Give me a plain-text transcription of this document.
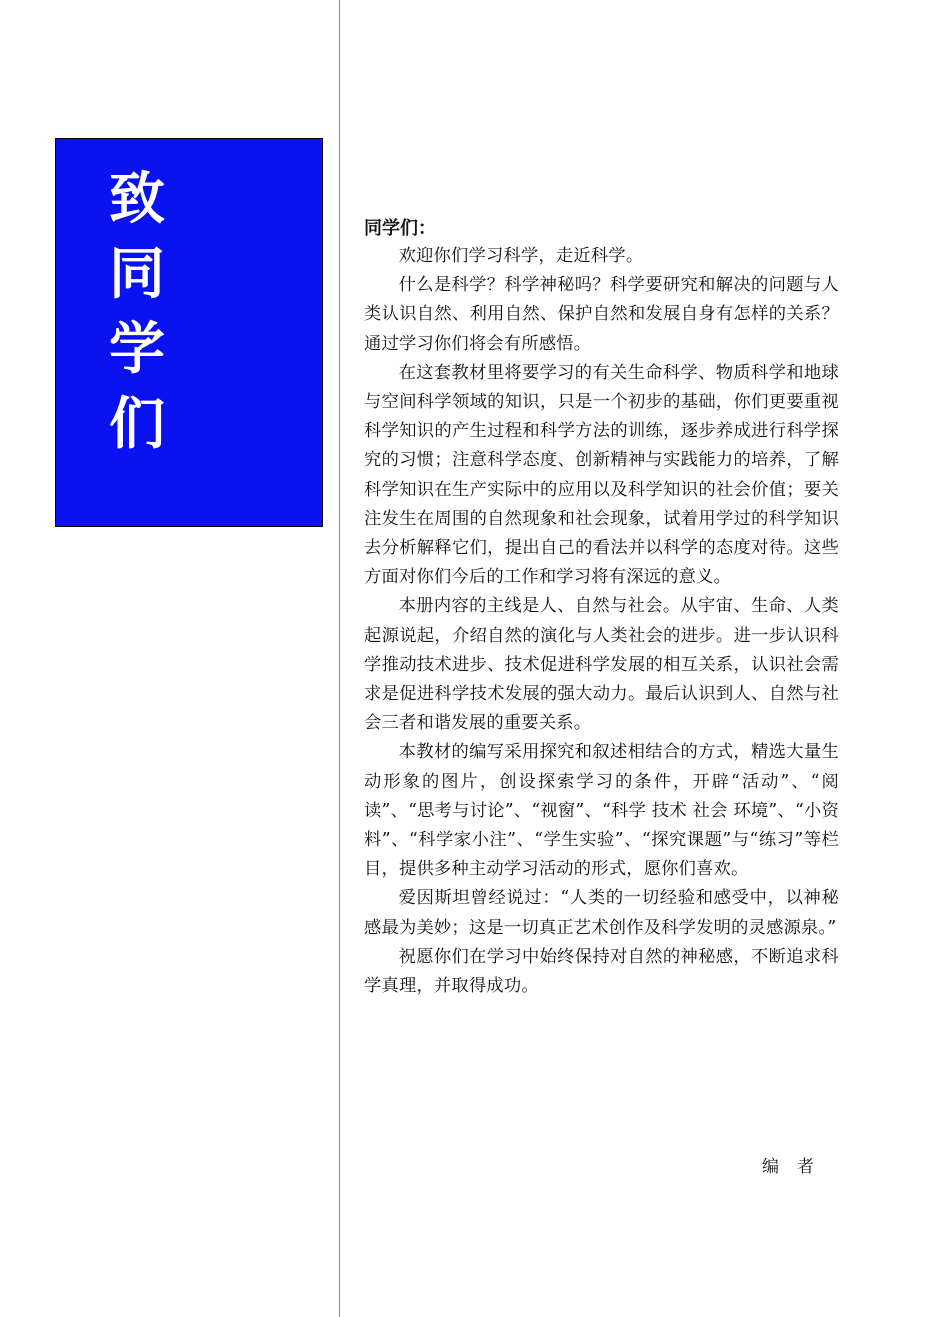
致
同
学
们

同学们：

欢迎你们学习科学，走近科学。

什么是科学？科学神秘吗？科学要研究和解决的问题与人类认识自然、利用自然、保护自然和发展自身有怎样的关系？通过学习你们将会有所感悟。

在这套教材里将要学习的有关生命科学、物质科学和地球与空间科学领域的知识，只是一个初步的基础，你们更要重视科学知识的产生过程和科学方法的训练，逐步养成进行科学探究的习惯；注意科学态度、创新精神与实践能力的培养，了解科学知识在生产实际中的应用以及科学知识的社会价值；要关注发生在周围的自然现象和社会现象，试着用学过的科学知识去分析解释它们，提出自己的看法并以科学的态度对待。这些方面对你们今后的工作和学习将有深远的意义。

本册内容的主线是人、自然与社会。从宇宙、生命、人类起源说起，介绍自然的演化与人类社会的进步。进一步认识科学推动技术进步、技术促进科学发展的相互关系，认识社会需求是促进科学技术发展的强大动力。最后认识到人、自然与社会三者和谐发展的重要关系。

本教材的编写采用探究和叙述相结合的方式，精选大量生动形象的图片，创设探索学习的条件，开辟“活动”、“阅读”、“思考与讨论”、“视窗”、“科学 技术 社会 环境”、“小资料”、“科学家小注”、“学生实验”、“探究课题”与“练习”等栏目，提供多种主动学习活动的形式，愿你们喜欢。

爱因斯坦曾经说过：“人类的一切经验和感受中，以神秘感最为美妙；这是一切真正艺术创作及科学发明的灵感源泉。”

祝愿你们在学习中始终保持对自然的神秘感，不断追求科学真理，并取得成功。

编者
